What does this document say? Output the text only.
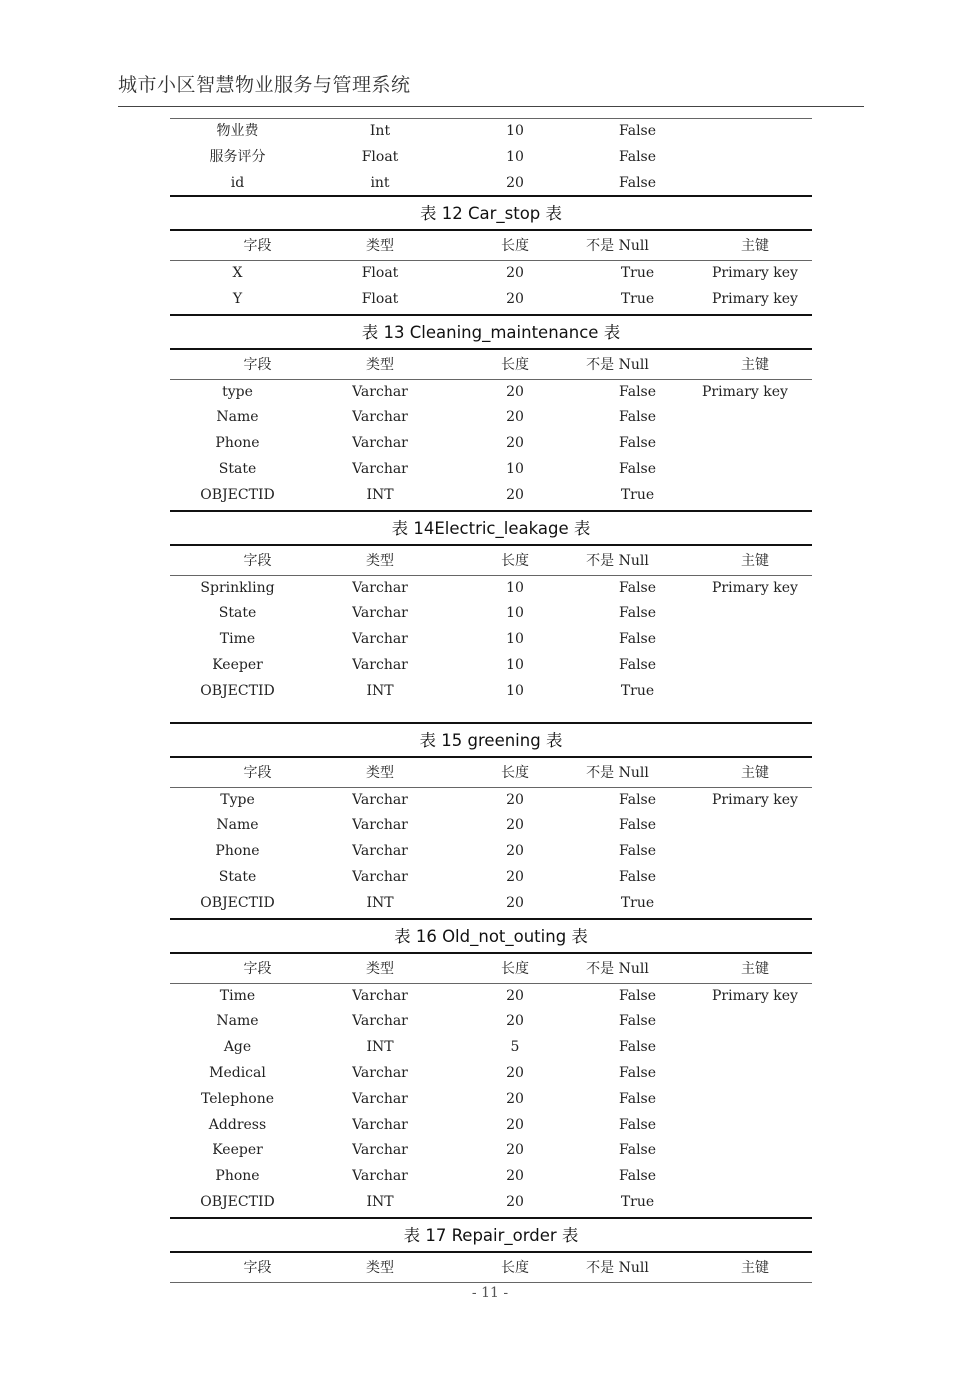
城市小区智慧物业服务与管理系统
物业费	Int	10	False
服务评分	Float	10	False
id	int	20	False
表 12 Car_stop 表
字段	类型	长度	不是 Null	主键
X	Float	20	True	Primary key
Y	Float	20	True	Primary key
表 13 Cleaning_maintenance 表
字段	类型	长度	不是 Null	主键
type	Varchar	20	False	Primary key
Name	Varchar	20	False
Phone	Varchar	20	False
State	Varchar	10	False
OBJECTID	INT	20	True
表 14Electric_leakage 表
字段	类型	长度	不是 Null	主键
Sprinkling	Varchar	10	False	Primary key
State	Varchar	10	False
Time	Varchar	10	False
Keeper	Varchar	10	False
OBJECTID	INT	10	True
表 15 greening 表
字段	类型	长度	不是 Null	主键
Type	Varchar	20	False	Primary key
Name	Varchar	20	False
Phone	Varchar	20	False
State	Varchar	20	False
OBJECTID	INT	20	True
表 16 Old_not_outing 表
字段	类型	长度	不是 Null	主键
Time	Varchar	20	False	Primary key
Name	Varchar	20	False
Age	INT	5	False
Medical	Varchar	20	False
Telephone	Varchar	20	False
Address	Varchar	20	False
Keeper	Varchar	20	False
Phone	Varchar	20	False
OBJECTID	INT	20	True
表 17 Repair_order 表
字段	类型	长度	不是 Null	主键
- 11 -
